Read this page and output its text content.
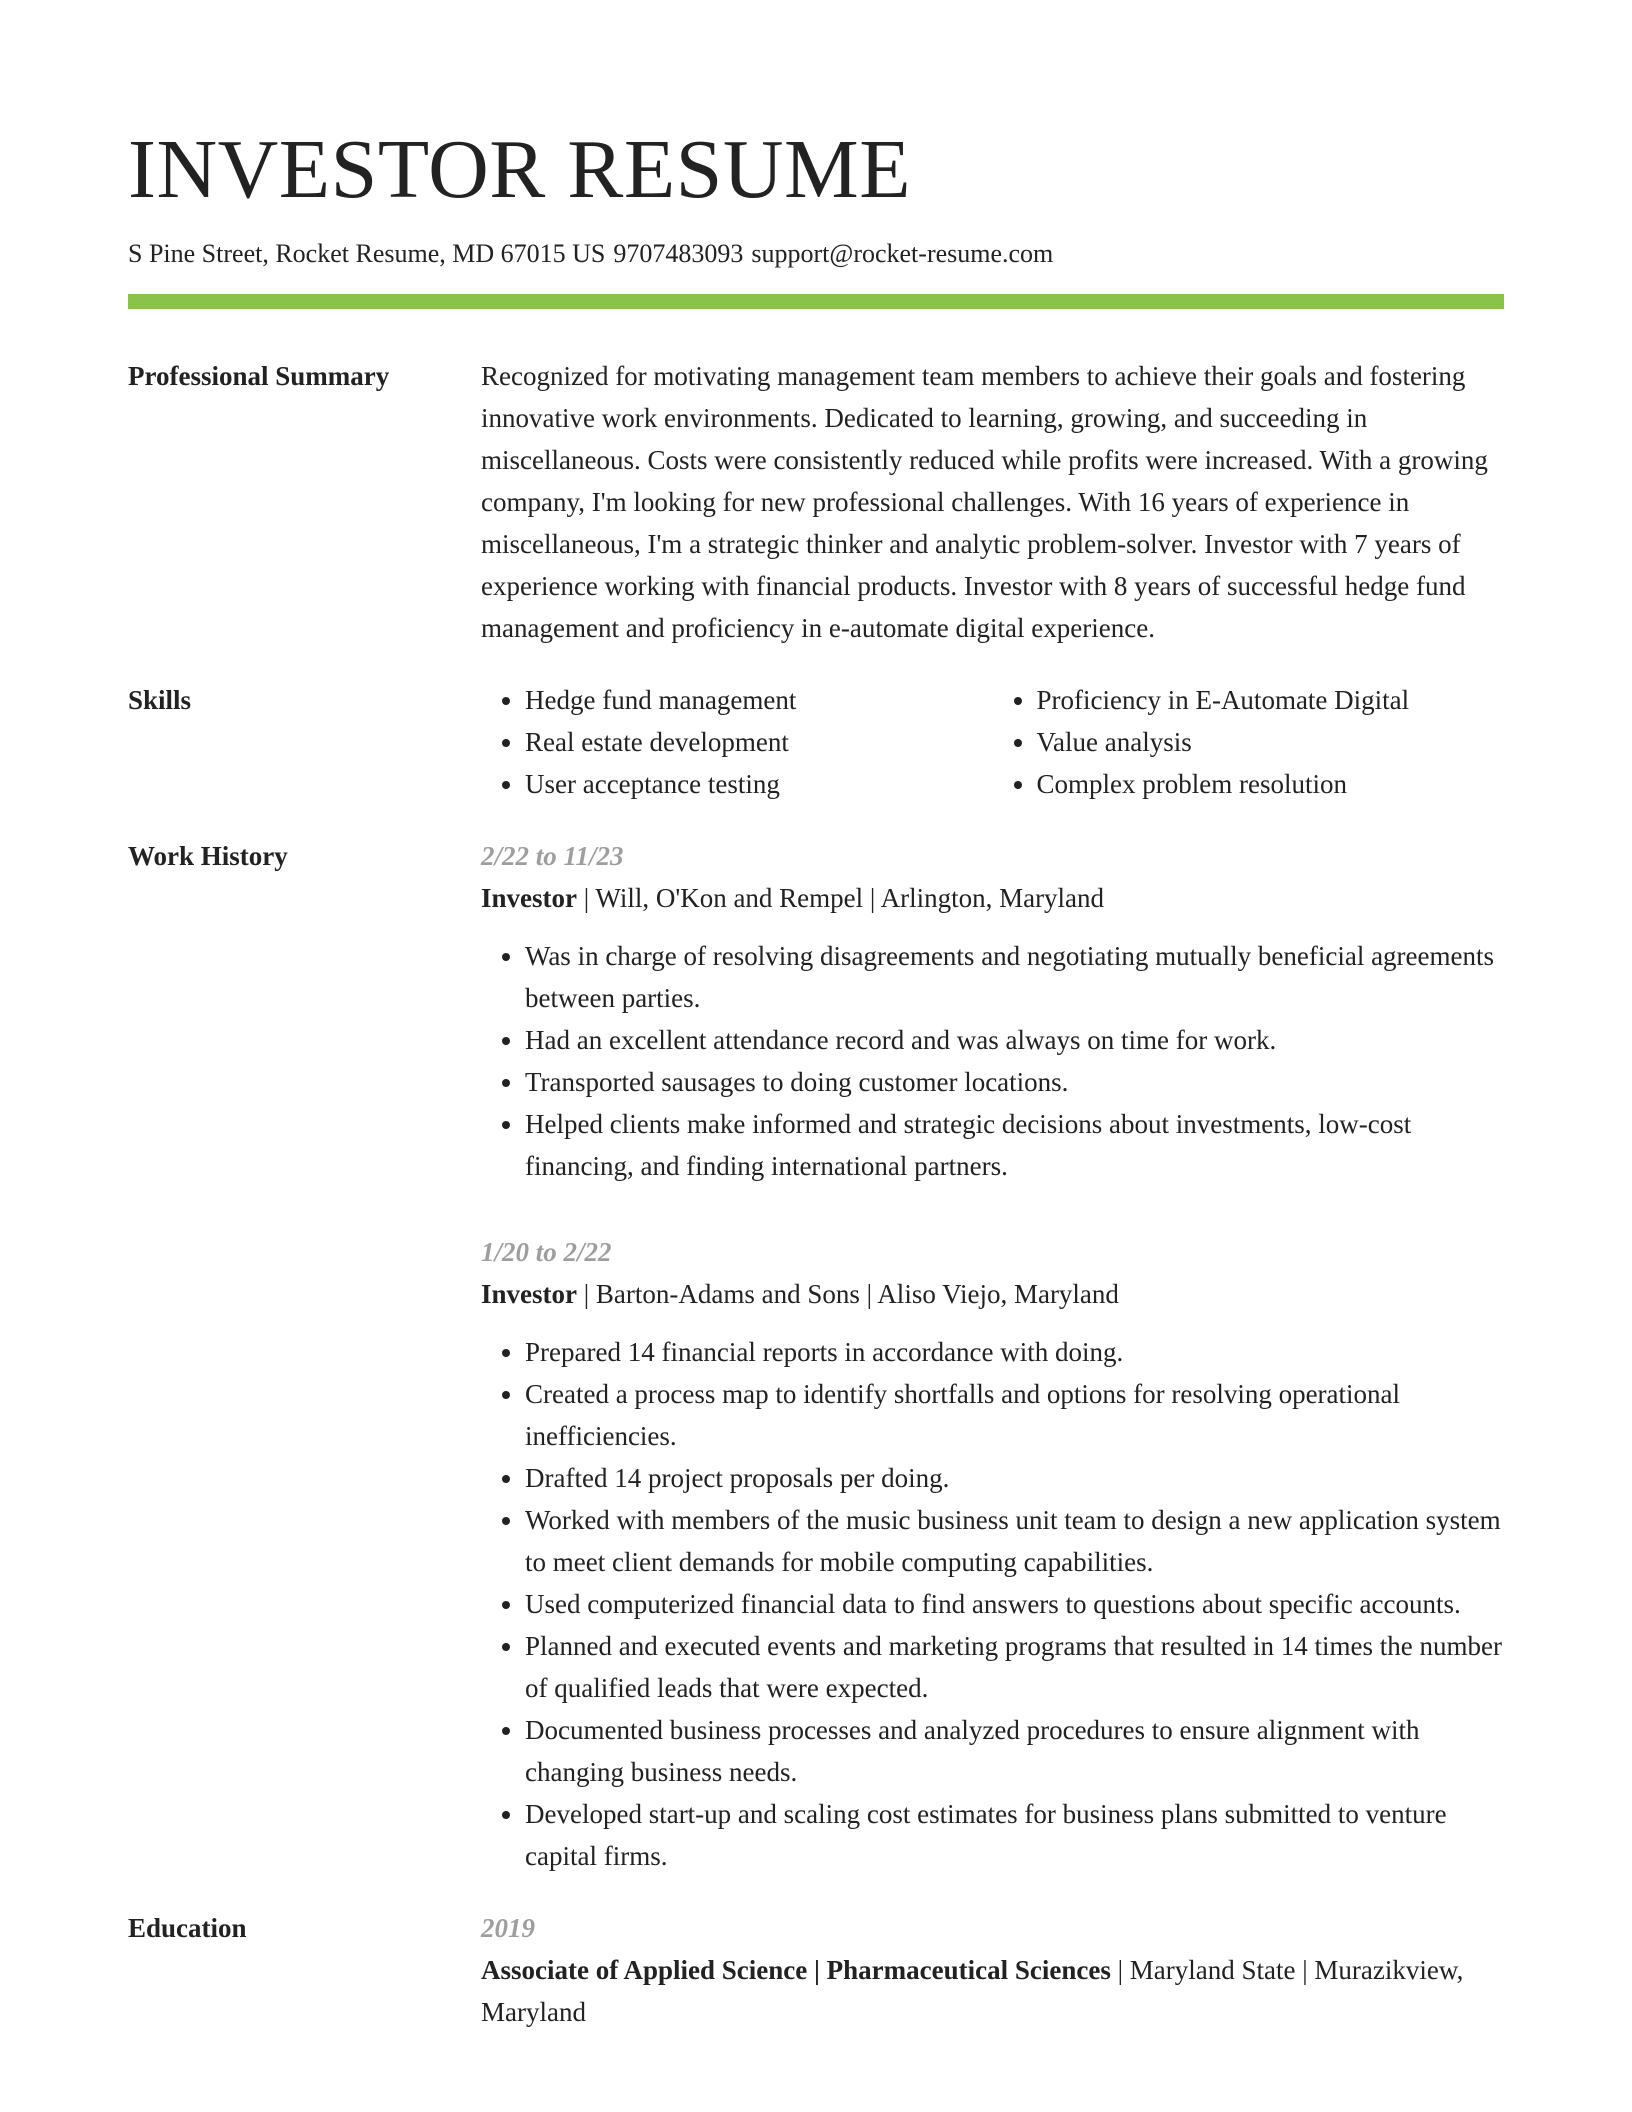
INVESTOR RESUME
S Pine Street, Rocket Resume, MD 67015 US 9707483093 support@rocket-resume.com
Professional Summary	Recognized for motivating management team members to achieve their goals and fostering innovative work environments. Dedicated to learning, growing, and succeeding in miscellaneous. Costs were consistently reduced while profits were increased. With a growing company, I'm looking for new professional challenges. With 16 years of experience in miscellaneous, I'm a strategic thinker and analytic problem-solver. Investor with 7 years of experience working with financial products. Investor with 8 years of successful hedge fund management and proficiency in e-automate digital experience.

Skills
•	Hedge fund management
• Real estate development
• User acceptance testing
• Proficiency in E-Automate Digital
• Value analysis
• Complex problem resolution
Work History	2/22 to 11/23
Investor | Will, O'Kon and Rempel | Arlington, Maryland
• Was in charge of resolving disagreements and negotiating mutually beneficial agreements between parties.
• Had an excellent attendance record and was always on time for work.
• Transported sausages to doing customer locations.
• Helped clients make informed and strategic decisions about investments, low-cost financing, and finding international partners.
1/20 to 2/22
Investor | Barton-Adams and Sons | Aliso Viejo, Maryland
• Prepared 14 financial reports in accordance with doing.
• Created a process map to identify shortfalls and options for resolving operational inefficiencies.
• Drafted 14 project proposals per doing.
• Worked with members of the music business unit team to design a new application system to meet client demands for mobile computing capabilities.
• Used computerized financial data to find answers to questions about specific accounts.
• Planned and executed events and marketing programs that resulted in 14 times the number of qualified leads that were expected.
• Documented business processes and analyzed procedures to ensure alignment with changing business needs.
• Developed start-up and scaling cost estimates for business plans submitted to venture capital firms.
Education	2019
Associate of Applied Science | Pharmaceutical Sciences | Maryland State | Murazikview, Maryland
